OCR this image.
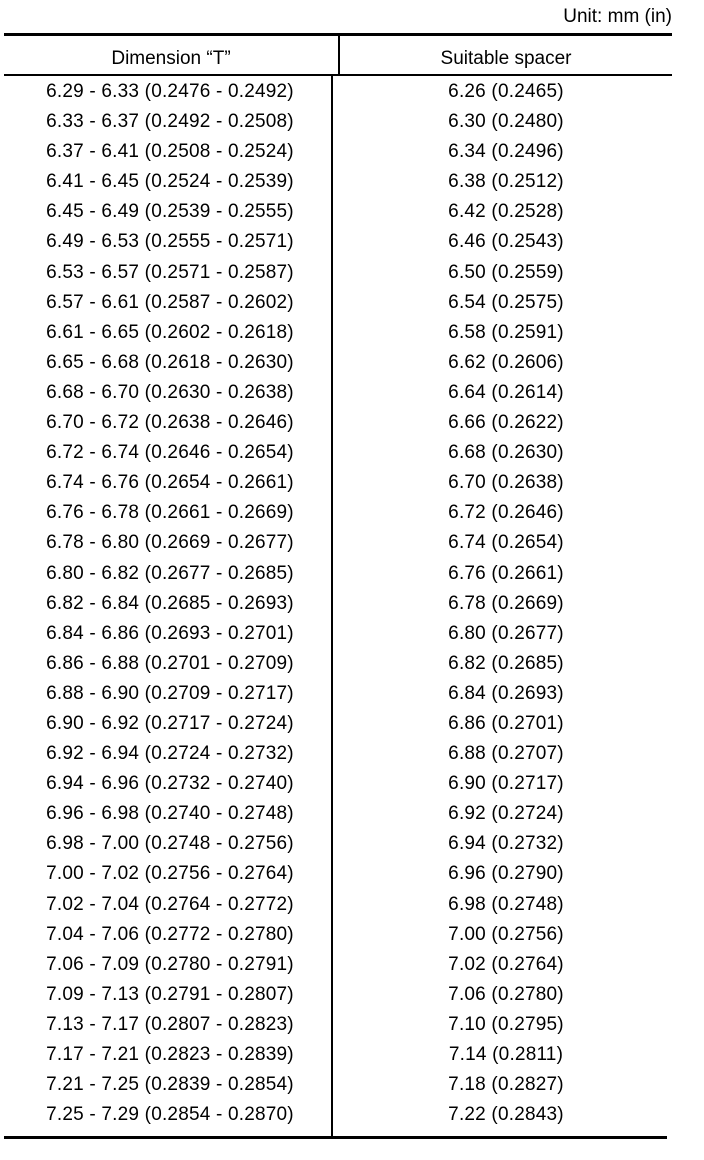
Unit: mm (in)
Dimension “T”	Suitable spacer
6.29 - 6.33 (0.2476 - 0.2492)	6.26 (0.2465)
6.33 - 6.37 (0.2492 - 0.2508)	6.30 (0.2480)
6.37 - 6.41 (0.2508 - 0.2524)	6.34 (0.2496)
6.41 - 6.45 (0.2524 - 0.2539)	6.38 (0.2512)
6.45 - 6.49 (0.2539 - 0.2555)	6.42 (0.2528)
6.49 - 6.53 (0.2555 - 0.2571)	6.46 (0.2543)
6.53 - 6.57 (0.2571 - 0.2587)	6.50 (0.2559)
6.57 - 6.61 (0.2587 - 0.2602)	6.54 (0.2575)
6.61 - 6.65 (0.2602 - 0.2618)	6.58 (0.2591)
6.65 - 6.68 (0.2618 - 0.2630)	6.62 (0.2606)
6.68 - 6.70 (0.2630 - 0.2638)	6.64 (0.2614)
6.70 - 6.72 (0.2638 - 0.2646)	6.66 (0.2622)
6.72 - 6.74 (0.2646 - 0.2654)	6.68 (0.2630)
6.74 - 6.76 (0.2654 - 0.2661)	6.70 (0.2638)
6.76 - 6.78 (0.2661 - 0.2669)	6.72 (0.2646)
6.78 - 6.80 (0.2669 - 0.2677)	6.74 (0.2654)
6.80 - 6.82 (0.2677 - 0.2685)	6.76 (0.2661)
6.82 - 6.84 (0.2685 - 0.2693)	6.78 (0.2669)
6.84 - 6.86 (0.2693 - 0.2701)	6.80 (0.2677)
6.86 - 6.88 (0.2701 - 0.2709)	6.82 (0.2685)
6.88 - 6.90 (0.2709 - 0.2717)	6.84 (0.2693)
6.90 - 6.92 (0.2717 - 0.2724)	6.86 (0.2701)
6.92 - 6.94 (0.2724 - 0.2732)	6.88 (0.2707)
6.94 - 6.96 (0.2732 - 0.2740)	6.90 (0.2717)
6.96 - 6.98 (0.2740 - 0.2748)	6.92 (0.2724)
6.98 - 7.00 (0.2748 - 0.2756)	6.94 (0.2732)
7.00 - 7.02 (0.2756 - 0.2764)	6.96 (0.2790)
7.02 - 7.04 (0.2764 - 0.2772)	6.98 (0.2748)
7.04 - 7.06 (0.2772 - 0.2780)	7.00 (0.2756)
7.06 - 7.09 (0.2780 - 0.2791)	7.02 (0.2764)
7.09 - 7.13 (0.2791 - 0.2807)	7.06 (0.2780)
7.13 - 7.17 (0.2807 - 0.2823)	7.10 (0.2795)
7.17 - 7.21 (0.2823 - 0.2839)	7.14 (0.2811)
7.21 - 7.25 (0.2839 - 0.2854)	7.18 (0.2827)
7.25 - 7.29 (0.2854 - 0.2870)	7.22 (0.2843)
